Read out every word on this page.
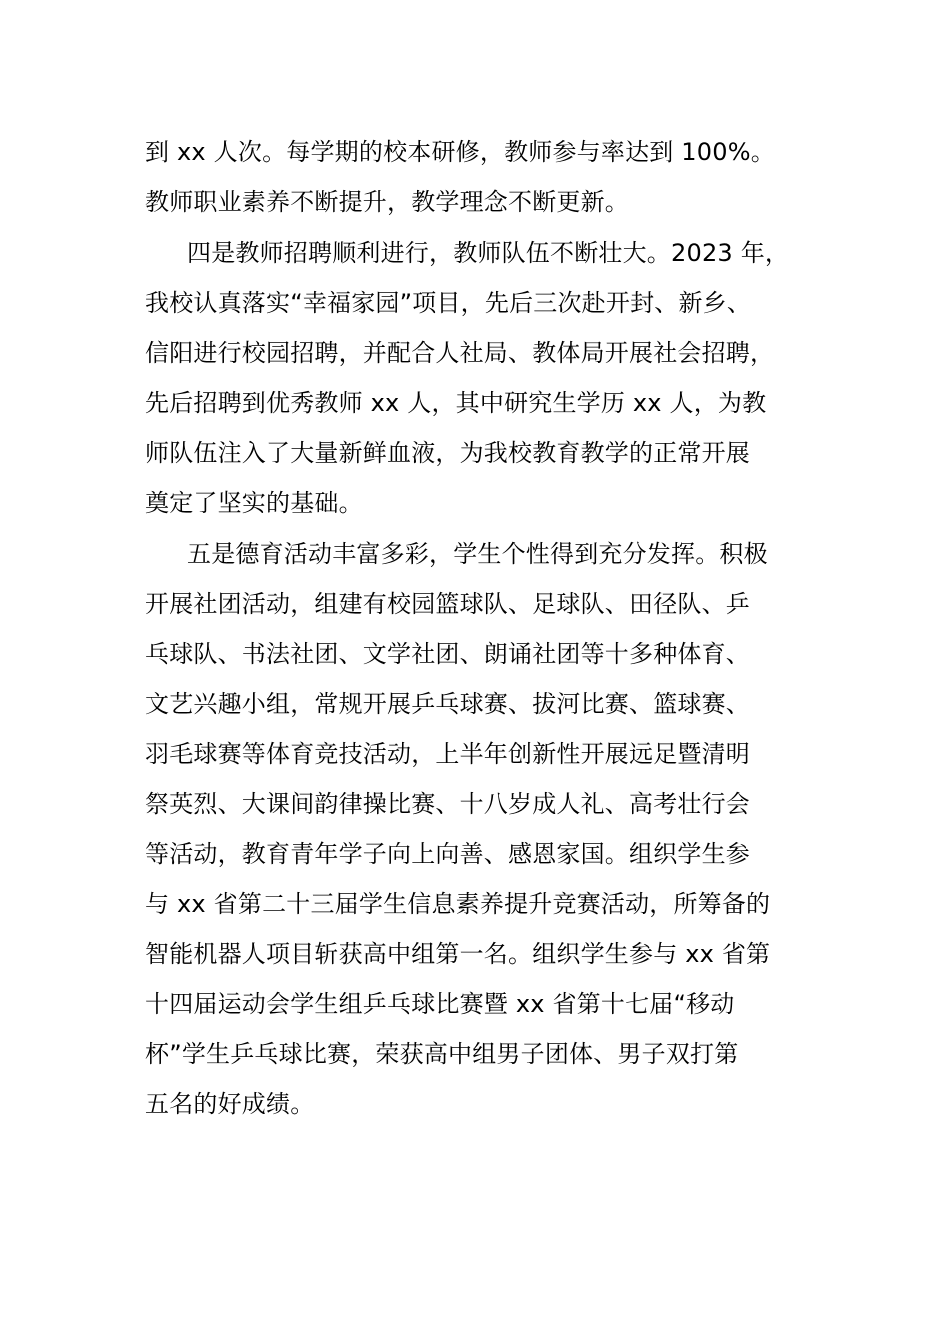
到 xx 人次。每学期的校本研修，教师参与率达到 100%。
教师职业素养不断提升，教学理念不断更新。
四是教师招聘顺利进行，教师队伍不断壮大。2023 年，
我校认真落实“幸福家园”项目，先后三次赴开封、新乡、
信阳进行校园招聘，并配合人社局、教体局开展社会招聘，
先后招聘到优秀教师 xx 人，其中研究生学历 xx 人，为教
师队伍注入了大量新鲜血液，为我校教育教学的正常开展
奠定了坚实的基础。
五是德育活动丰富多彩，学生个性得到充分发挥。积极
开展社团活动，组建有校园篮球队、足球队、田径队、乒
乓球队、书法社团、文学社团、朗诵社团等十多种体育、
文艺兴趣小组，常规开展乒乓球赛、拔河比赛、篮球赛、
羽毛球赛等体育竞技活动，上半年创新性开展远足暨清明
祭英烈、大课间韵律操比赛、十八岁成人礼、高考壮行会
等活动，教育青年学子向上向善、感恩家国。组织学生参
与 xx 省第二十三届学生信息素养提升竞赛活动，所筹备的
智能机器人项目斩获高中组第一名。组织学生参与 xx 省第
十四届运动会学生组乒乓球比赛暨 xx 省第十七届“移动
杯”学生乒乓球比赛，荣获高中组男子团体、男子双打第
五名的好成绩。
